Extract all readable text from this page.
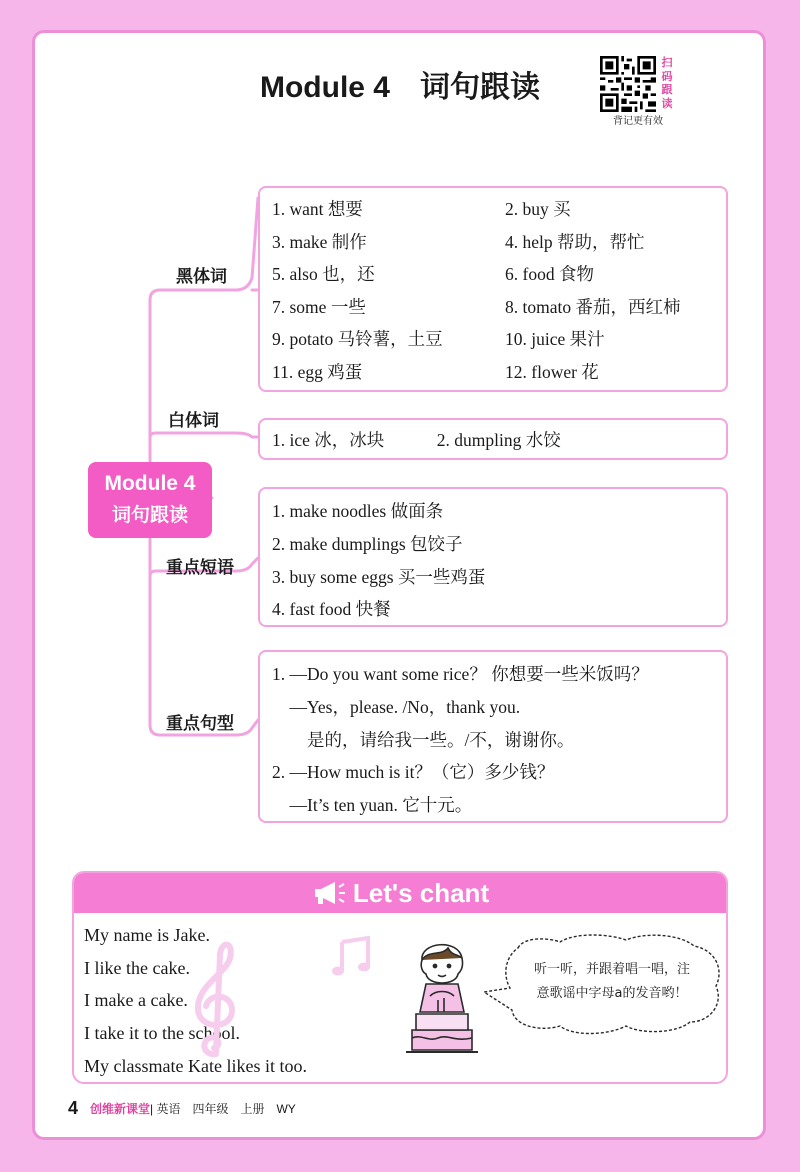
Module 4　词句跟读
扫
码
跟
读
背记更有效
Module 4
词句跟读
黑体词
白体词
重点短语
重点句型
1. want 想要	2. buy 买
3. make 制作	4. help 帮助，帮忙
5. also 也，还	6. food 食物
7. some 一些	8. tomato 番茄，西红柿
9. potato 马铃薯，土豆	10. juice 果汁
11. egg 鸡蛋	12. flower 花
1. ice 冰，冰块　　　2. dumpling 水饺
1. make noodles 做面条
2. make dumplings 包饺子
3. buy some eggs 买一些鸡蛋
4. fast food 快餐
1. —Do you want some rice？ 你想要一些米饭吗？
　—Yes，please. /No，thank you.
　　是的，请给我一些。/不，谢谢你。
2. —How much is it？（它）多少钱？
　—It’s ten yuan. 它十元。
Let's chant
My name is Jake.
I like the cake.
I make a cake.
I take it to the school.
My classmate Kate likes it too.
听一听，并跟着唱一唱，注
意歌谣中字母a的发音哟！
4 创维新课堂| 英语　四年级　上册　WY
